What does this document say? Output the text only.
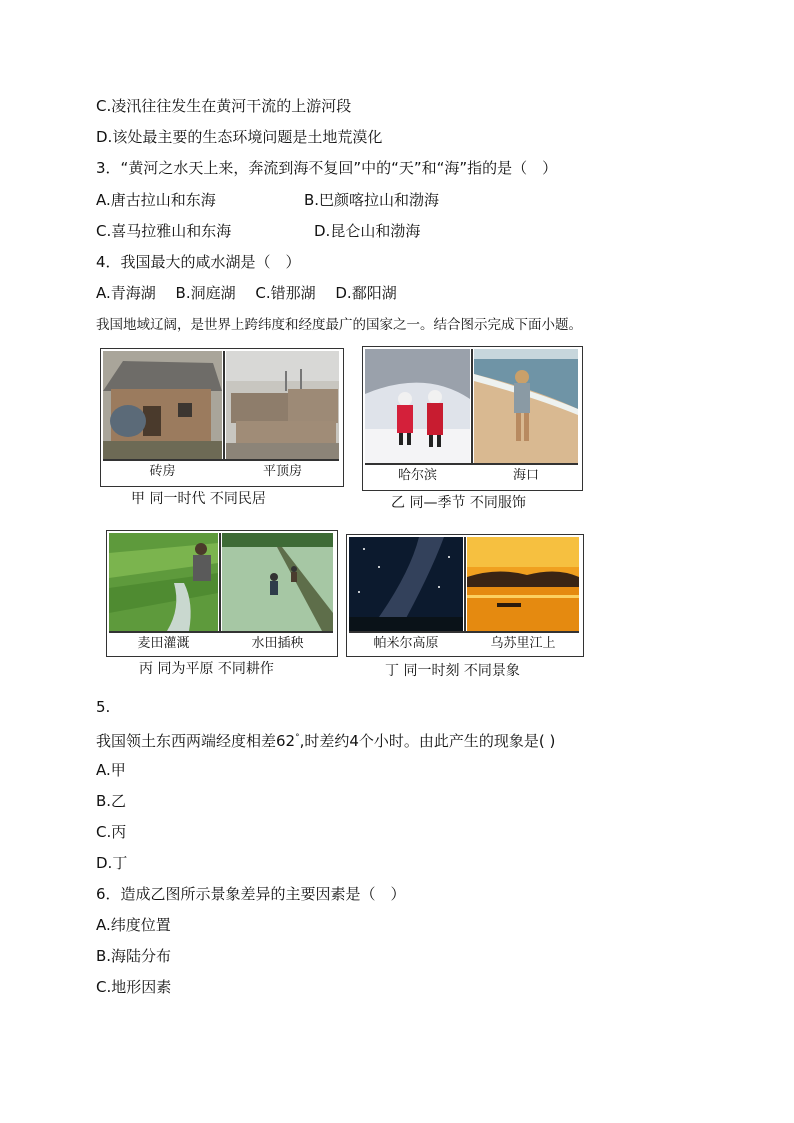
C.凌汛往往发生在黄河干流的上游河段
D.该处最主要的生态环境问题是土地荒漠化
3．“黄河之水天上来，奔流到海不复回”中的“天”和“海”指的是（　）
A.唐古拉山和东海	B.巴颜喀拉山和渤海
C.喜马拉雅山和东海	D.昆仑山和渤海
4．我国最大的咸水湖是（　）
A.青海湖　 B.洞庭湖　 C.错那湖　 D.鄱阳湖
我国地域辽阔，是世界上跨纬度和经度最广的国家之一。结合图示完成下面小题。
砖房	平顶房
甲 同一时代 不同民居
哈尔滨	海口
乙 同—季节 不同服饰
麦田灌溉	水田插秧
丙 同为平原 不同耕作
帕米尔高原	乌苏里江上
丁 同一时刻 不同景象
5.
我国领土东西两端经度相差62°,时差约4个小时。由此产生的现象是( )
A.甲
B.乙
C.丙
D.丁
6．造成乙图所示景象差异的主要因素是（　）
A.纬度位置
B.海陆分布
C.地形因素
